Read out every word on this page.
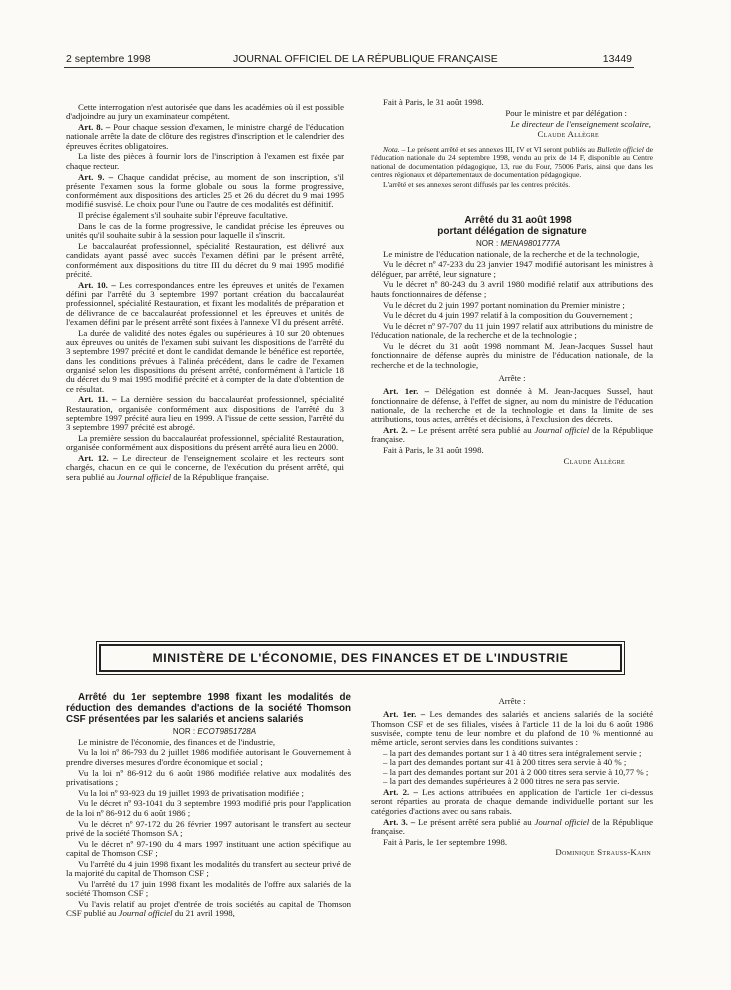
2 septembre 1998	JOURNAL OFFICIEL DE LA RÉPUBLIQUE FRANÇAISE	13449

Cette interrogation n'est autorisée que dans les académies où il est possible d'adjoindre au jury un examinateur compétent.

Art. 8. – Pour chaque session d'examen, le ministre chargé de l'éducation nationale arrête la date de clôture des registres d'inscription et le calendrier des épreuves écrites obligatoires.

La liste des pièces à fournir lors de l'inscription à l'examen est fixée par chaque recteur.

Art. 9. – Chaque candidat précise, au moment de son inscription, s'il présente l'examen sous la forme globale ou sous la forme progressive, conformément aux dispositions des articles 25 et 26 du décret du 9 mai 1995 modifié susvisé. Le choix pour l'une ou l'autre de ces modalités est définitif.

Il précise également s'il souhaite subir l'épreuve facultative.

Dans le cas de la forme progressive, le candidat précise les épreuves ou unités qu'il souhaite subir à la session pour laquelle il s'inscrit.

Le baccalauréat professionnel, spécialité Restauration, est délivré aux candidats ayant passé avec succès l'examen défini par le présent arrêté, conformément aux dispositions du titre III du décret du 9 mai 1995 modifié précité.

Art. 10. – Les correspondances entre les épreuves et unités de l'examen défini par l'arrêté du 3 septembre 1997 portant création du baccalauréat professionnel, spécialité Restauration, et fixant les modalités de préparation et de délivrance de ce baccalauréat professionnel et les épreuves et unités de l'examen défini par le présent arrêté sont fixées à l'annexe VI du présent arrêté.

La durée de validité des notes égales ou supérieures à 10 sur 20 obtenues aux épreuves ou unités de l'examen subi suivant les dispositions de l'arrêté du 3 septembre 1997 précité et dont le candidat demande le bénéfice est reportée, dans les conditions prévues à l'alinéa précédent, dans le cadre de l'examen organisé selon les dispositions du présent arrêté, conformément à l'article 18 du décret du 9 mai 1995 modifié précité et à compter de la date d'obtention de ce résultat.

Art. 11. – La dernière session du baccalauréat professionnel, spécialité Restauration, organisée conformément aux dispositions de l'arrêté du 3 septembre 1997 précité aura lieu en 1999. A l'issue de cette session, l'arrêté du 3 septembre 1997 précité est abrogé.

La première session du baccalauréat professionnel, spécialité Restauration, organisée conformément aux dispositions du présent arrêté aura lieu en 2000.

Art. 12. – Le directeur de l'enseignement scolaire et les recteurs sont chargés, chacun en ce qui le concerne, de l'exécution du présent arrêté, qui sera publié au Journal officiel de la République française.

Fait à Paris, le 31 août 1998.

Pour le ministre et par délégation :

Le directeur de l'enseignement scolaire,

Claude Allègre

Nota. – Le présent arrêté et ses annexes III, IV et VI seront publiés au Bulletin officiel de l'éducation nationale du 24 septembre 1998, vendu au prix de 14 F, disponible au Centre national de documentation pédagogique, 13, rue du Four, 75006 Paris, ainsi que dans les centres régionaux et départementaux de documentation pédagogique.

L'arrêté et ses annexes seront diffusés par les centres précités.

Arrêté du 31 août 1998
portant délégation de signature

NOR : MENA9801777A

Le ministre de l'éducation nationale, de la recherche et de la technologie,

Vu le décret nº 47-233 du 23 janvier 1947 modifié autorisant les ministres à déléguer, par arrêté, leur signature ;

Vu le décret nº 80-243 du 3 avril 1980 modifié relatif aux attributions des hauts fonctionnaires de défense ;

Vu le décret du 2 juin 1997 portant nomination du Premier ministre ;

Vu le décret du 4 juin 1997 relatif à la composition du Gouvernement ;

Vu le décret nº 97-707 du 11 juin 1997 relatif aux attributions du ministre de l'éducation nationale, de la recherche et de la technologie ;

Vu le décret du 31 août 1998 nommant M. Jean-Jacques Sussel haut fonctionnaire de défense auprès du ministre de l'éducation nationale, de la recherche et de la technologie,

Arrête :

Art. 1er. – Délégation est donnée à M. Jean-Jacques Sussel, haut fonctionnaire de défense, à l'effet de signer, au nom du ministre de l'éducation nationale, de la recherche et de la technologie et dans la limite de ses attributions, tous actes, arrêtés et décisions, à l'exclusion des décrets.

Art. 2. – Le présent arrêté sera publié au Journal officiel de la République française.

Fait à Paris, le 31 août 1998.

Claude Allègre

MINISTÈRE DE L'ÉCONOMIE, DES FINANCES ET DE L'INDUSTRIE

Arrêté du 1er septembre 1998 fixant les modalités de réduction des demandes d'actions de la société Thomson CSF présentées par les salariés et anciens salariés

NOR : ECOT9851728A

Le ministre de l'économie, des finances et de l'industrie,

Vu la loi nº 86-793 du 2 juillet 1986 modifiée autorisant le Gouvernement à prendre diverses mesures d'ordre économique et social ;

Vu la loi nº 86-912 du 6 août 1986 modifiée relative aux modalités des privatisations ;

Vu la loi nº 93-923 du 19 juillet 1993 de privatisation modifiée ;

Vu le décret nº 93-1041 du 3 septembre 1993 modifié pris pour l'application de la loi nº 86-912 du 6 août 1986 ;

Vu le décret nº 97-172 du 26 février 1997 autorisant le transfert au secteur privé de la société Thomson SA ;

Vu le décret nº 97-190 du 4 mars 1997 instituant une action spécifique au capital de Thomson CSF ;

Vu l'arrêté du 4 juin 1998 fixant les modalités du transfert au secteur privé de la majorité du capital de Thomson CSF ;

Vu l'arrêté du 17 juin 1998 fixant les modalités de l'offre aux salariés de la société Thomson CSF ;

Vu l'avis relatif au projet d'entrée de trois sociétés au capital de Thomson CSF publié au Journal officiel du 21 avril 1998,

Arrête :

Art. 1er. – Les demandes des salariés et anciens salariés de la société Thomson CSF et de ses filiales, visées à l'article 11 de la loi du 6 août 1986 susvisée, compte tenu de leur nombre et du plafond de 10 % mentionné au même article, seront servies dans les conditions suivantes :

– la part des demandes portant sur 1 à 40 titres sera intégralement servie ;
– la part des demandes portant sur 41 à 200 titres sera servie à 40 % ;
– la part des demandes portant sur 201 à 2 000 titres sera servie à 10,77 % ;
– la part des demandes supérieures à 2 000 titres ne sera pas servie.

Art. 2. – Les actions attribuées en application de l'article 1er ci-dessus seront réparties au prorata de chaque demande individuelle portant sur les catégories d'actions avec ou sans rabais.

Art. 3. – Le présent arrêté sera publié au Journal officiel de la République française.

Fait à Paris, le 1er septembre 1998.

Dominique Strauss-Kahn
